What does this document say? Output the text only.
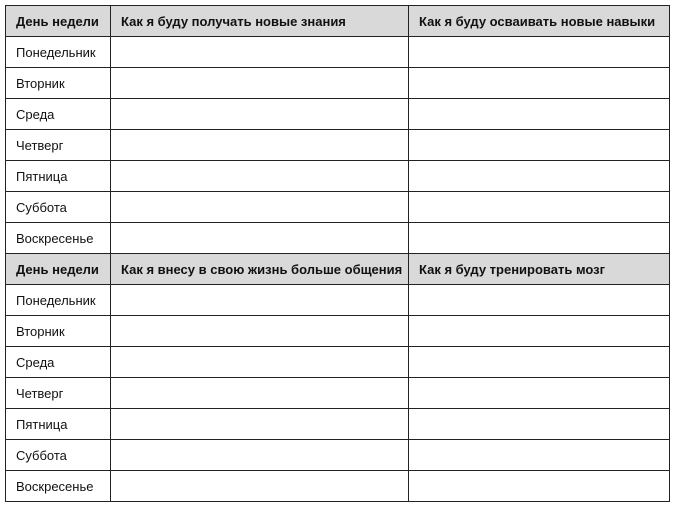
День недели	Как я буду получать новые знания	Как я буду осваивать новые навыки
Понедельник		
Вторник		
Среда		
Четверг		
Пятница		
Суббота		
Воскресенье		
День недели	Как я внесу в свою жизнь больше общения	Как я буду тренировать мозг
Понедельник		
Вторник		
Среда		
Четверг		
Пятница		
Суббота		
Воскресенье		
